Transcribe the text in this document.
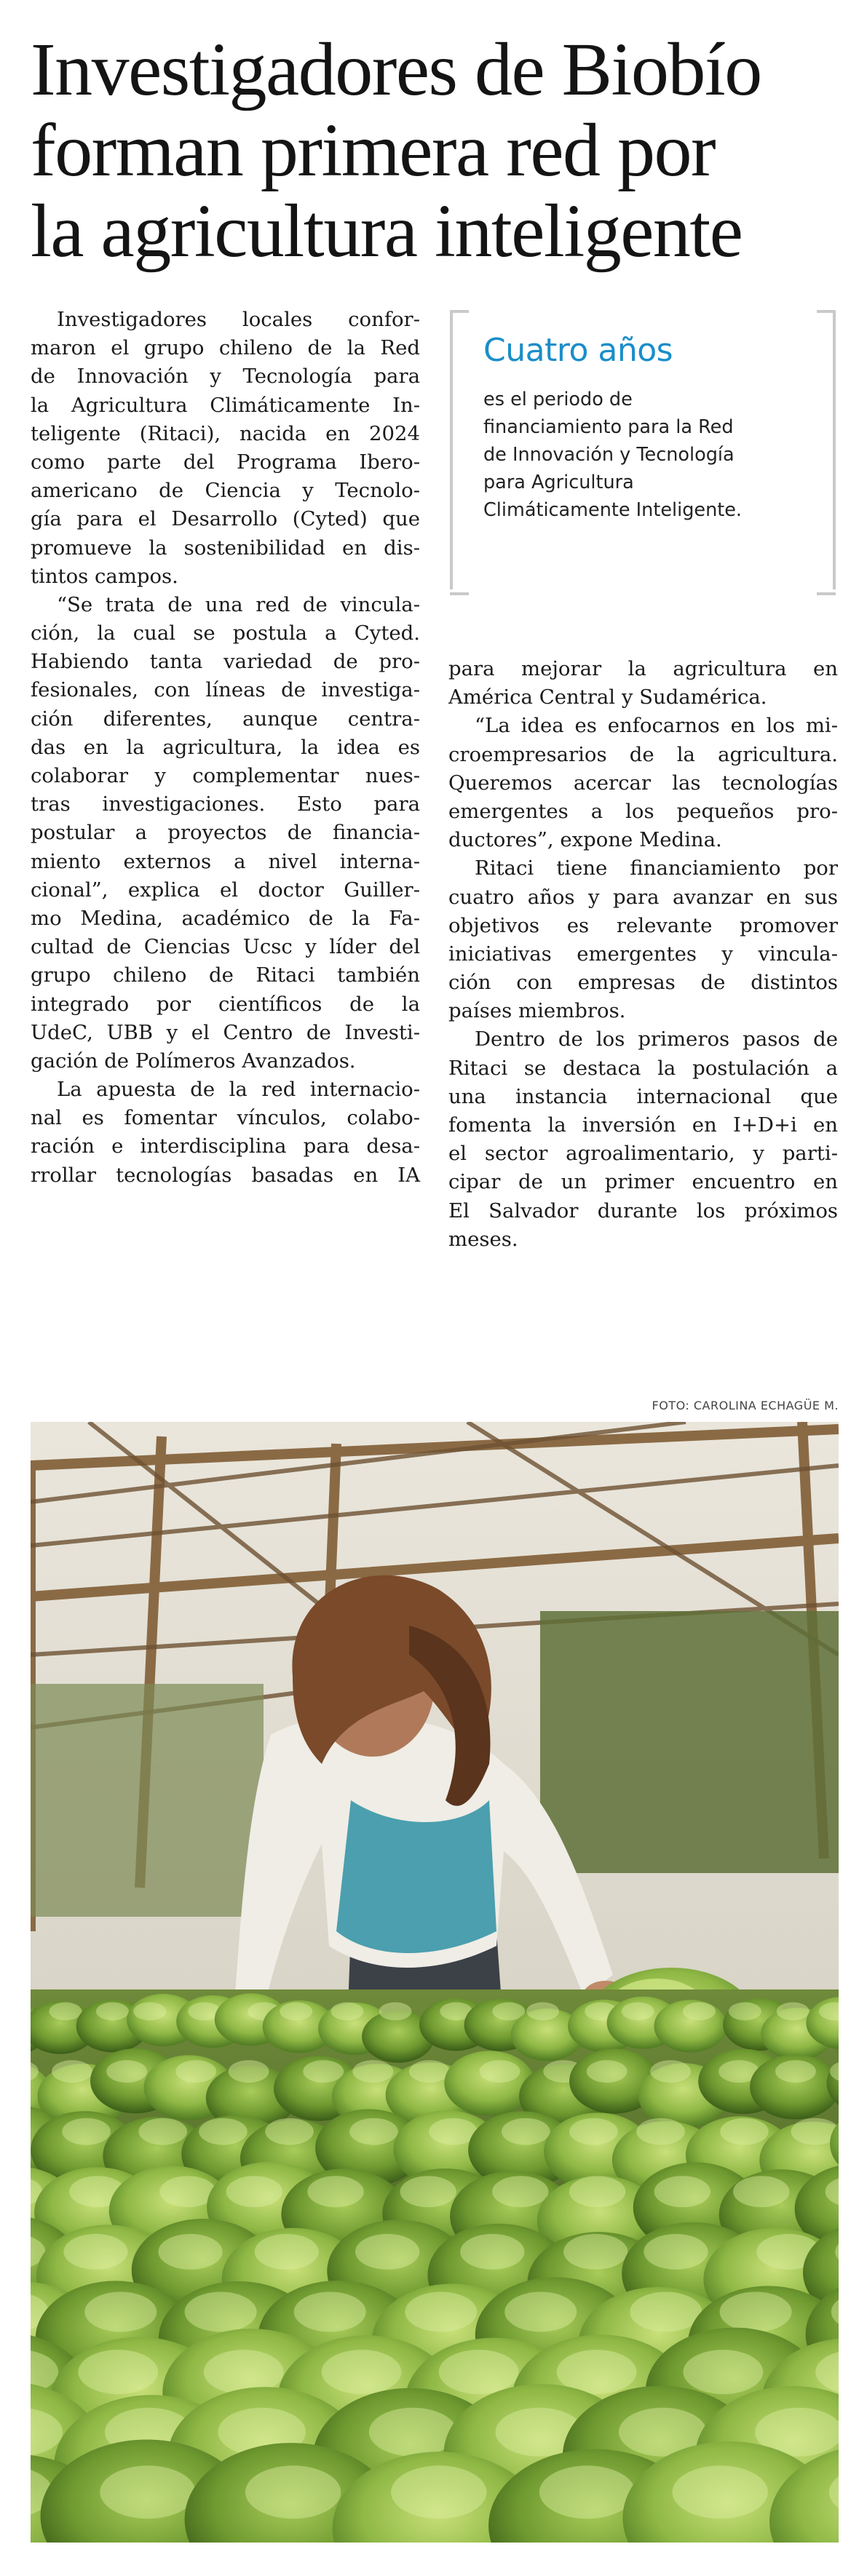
Investigadores de Biobío
forman primera red por
la agricultura inteligente
Investigadores locales confor-
maron el grupo chileno de la Red
de Innovación y Tecnología para
la Agricultura Climáticamente In-
teligente (Ritaci), nacida en 2024
como parte del Programa Ibero-
americano de Ciencia y Tecnolo-
gía para el Desarrollo (Cyted) que
promueve la sostenibilidad en dis-
tintos campos.
“Se trata de una red de vincula-
ción, la cual se postula a Cyted.
Habiendo tanta variedad de pro-
fesionales, con líneas de investiga-
ción diferentes, aunque centra-
das en la agricultura, la idea es
colaborar y complementar nues-
tras investigaciones. Esto para
postular a proyectos de financia-
miento externos a nivel interna-
cional”, explica el doctor Guiller-
mo Medina, académico de la Fa-
cultad de Ciencias Ucsc y líder del
grupo chileno de Ritaci también
integrado por científicos de la
UdeC, UBB y el Centro de Investi-
gación de Polímeros Avanzados.
La apuesta de la red internacio-
nal es fomentar vínculos, colabo-
ración e interdisciplina para desa-
rrollar tecnologías basadas en IA
para mejorar la agricultura en
América Central y Sudamérica.
“La idea es enfocarnos en los mi-
croempresarios de la agricultura.
Queremos acercar las tecnologías
emergentes a los pequeños pro-
ductores”, expone Medina.
Ritaci tiene financiamiento por
cuatro años y para avanzar en sus
objetivos es relevante promover
iniciativas emergentes y vincula-
ción con empresas de distintos
países miembros.
Dentro de los primeros pasos de
Ritaci se destaca la postulación a
una instancia internacional que
fomenta la inversión en I+D+i en
el sector agroalimentario, y parti-
cipar de un primer encuentro en
El Salvador durante los próximos
meses.
Cuatro años
es el periodo de
financiamiento para la Red
de Innovación y Tecnología
para Agricultura
Climáticamente Inteligente.
FOTO: CAROLINA ECHAGÜE M.
